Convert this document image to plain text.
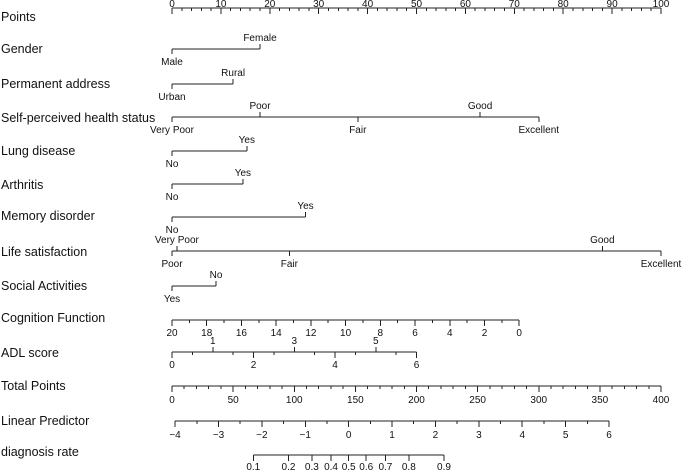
Points
0	10	20	30	40	50	60	70	80	90	100
Gender
Male
Female
Permanent address
Urban
Rural
Self-perceived health status
Very Poor
Poor
Fair
Good
Excellent
Lung disease
No
Yes
Arthritis
No
Yes
Memory disorder
No
Yes
Life satisfaction
Poor
Very Poor
Fair
Good
Excellent
Social Activities
Yes
No
Cognition Function
20 18 16 14 12 10	8	6	4	2	0
ADL score
0
1
2
3
4
5
6
Total Points
0	50	100	150	200	250	300	350	400
Linear Predictor
−4	−3	−2	−1	0	1	2	3	4	5	6
diagnosis rate
0.1 0.2 0.3 0.4 0.5 0.6 0.7 0.8 0.9
